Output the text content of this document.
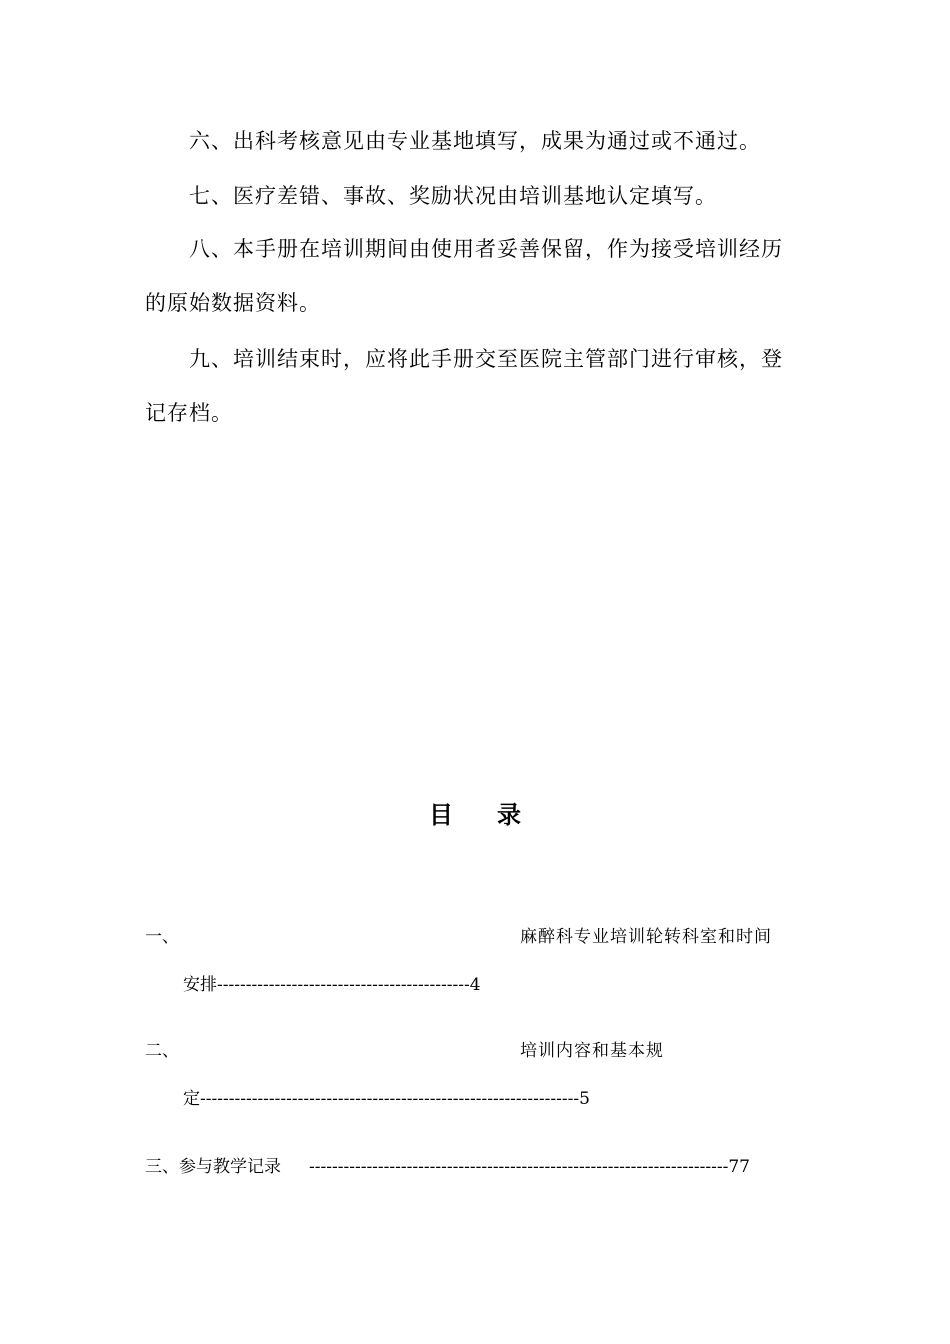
六、出科考核意见由专业基地填写，成果为通过或不通过。

七、医疗差错、事故、奖励状况由培训基地认定填写。

八、本手册在培训期间由使用者妥善保留，作为接受培训经历
的原始数据资料。

九、培训结束时，应将此手册交至医院主管部门进行审核，登
记存档。

目录
一、	麻醉科专业培训轮转科室和时间
安排--------------------------------------------4
二、	培训内容和基本规
定------------------------------------------------------------------5
三、参与教学记录 -------------------------------------------------------------------------77
